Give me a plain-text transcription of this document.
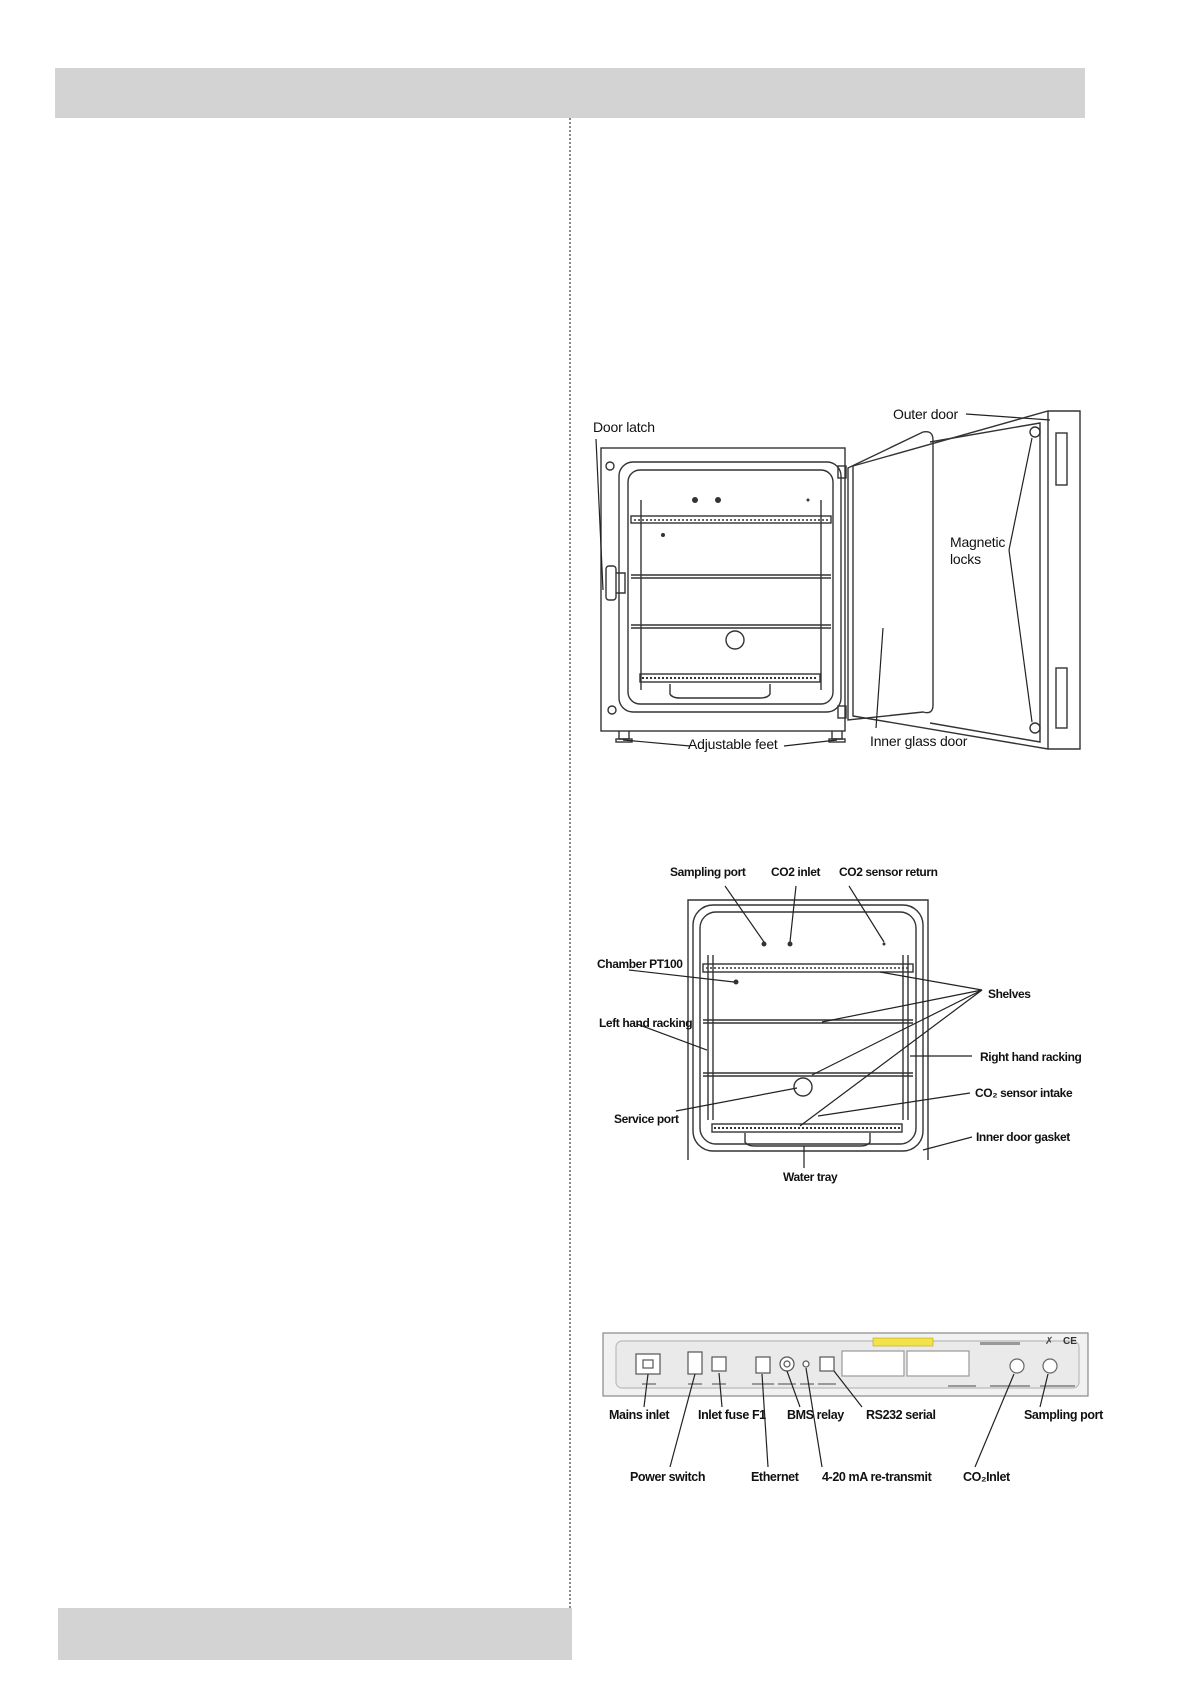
Door latch
Outer door
Magnetic
locks
Adjustable feet	Inner glass door
Sampling port CO2 inlet CO2 sensor return
Chamber PT100
Shelves
Left hand racking
Right hand racking
CO₂ sensor intake
Service port
Inner door gasket
Water tray
CE
✗
Mains inlet Inlet fuse F1 BMS relay RS232 serial	Sampling port
Power switch	Ethernet 4-20 mA re-transmit	CO₂Inlet
